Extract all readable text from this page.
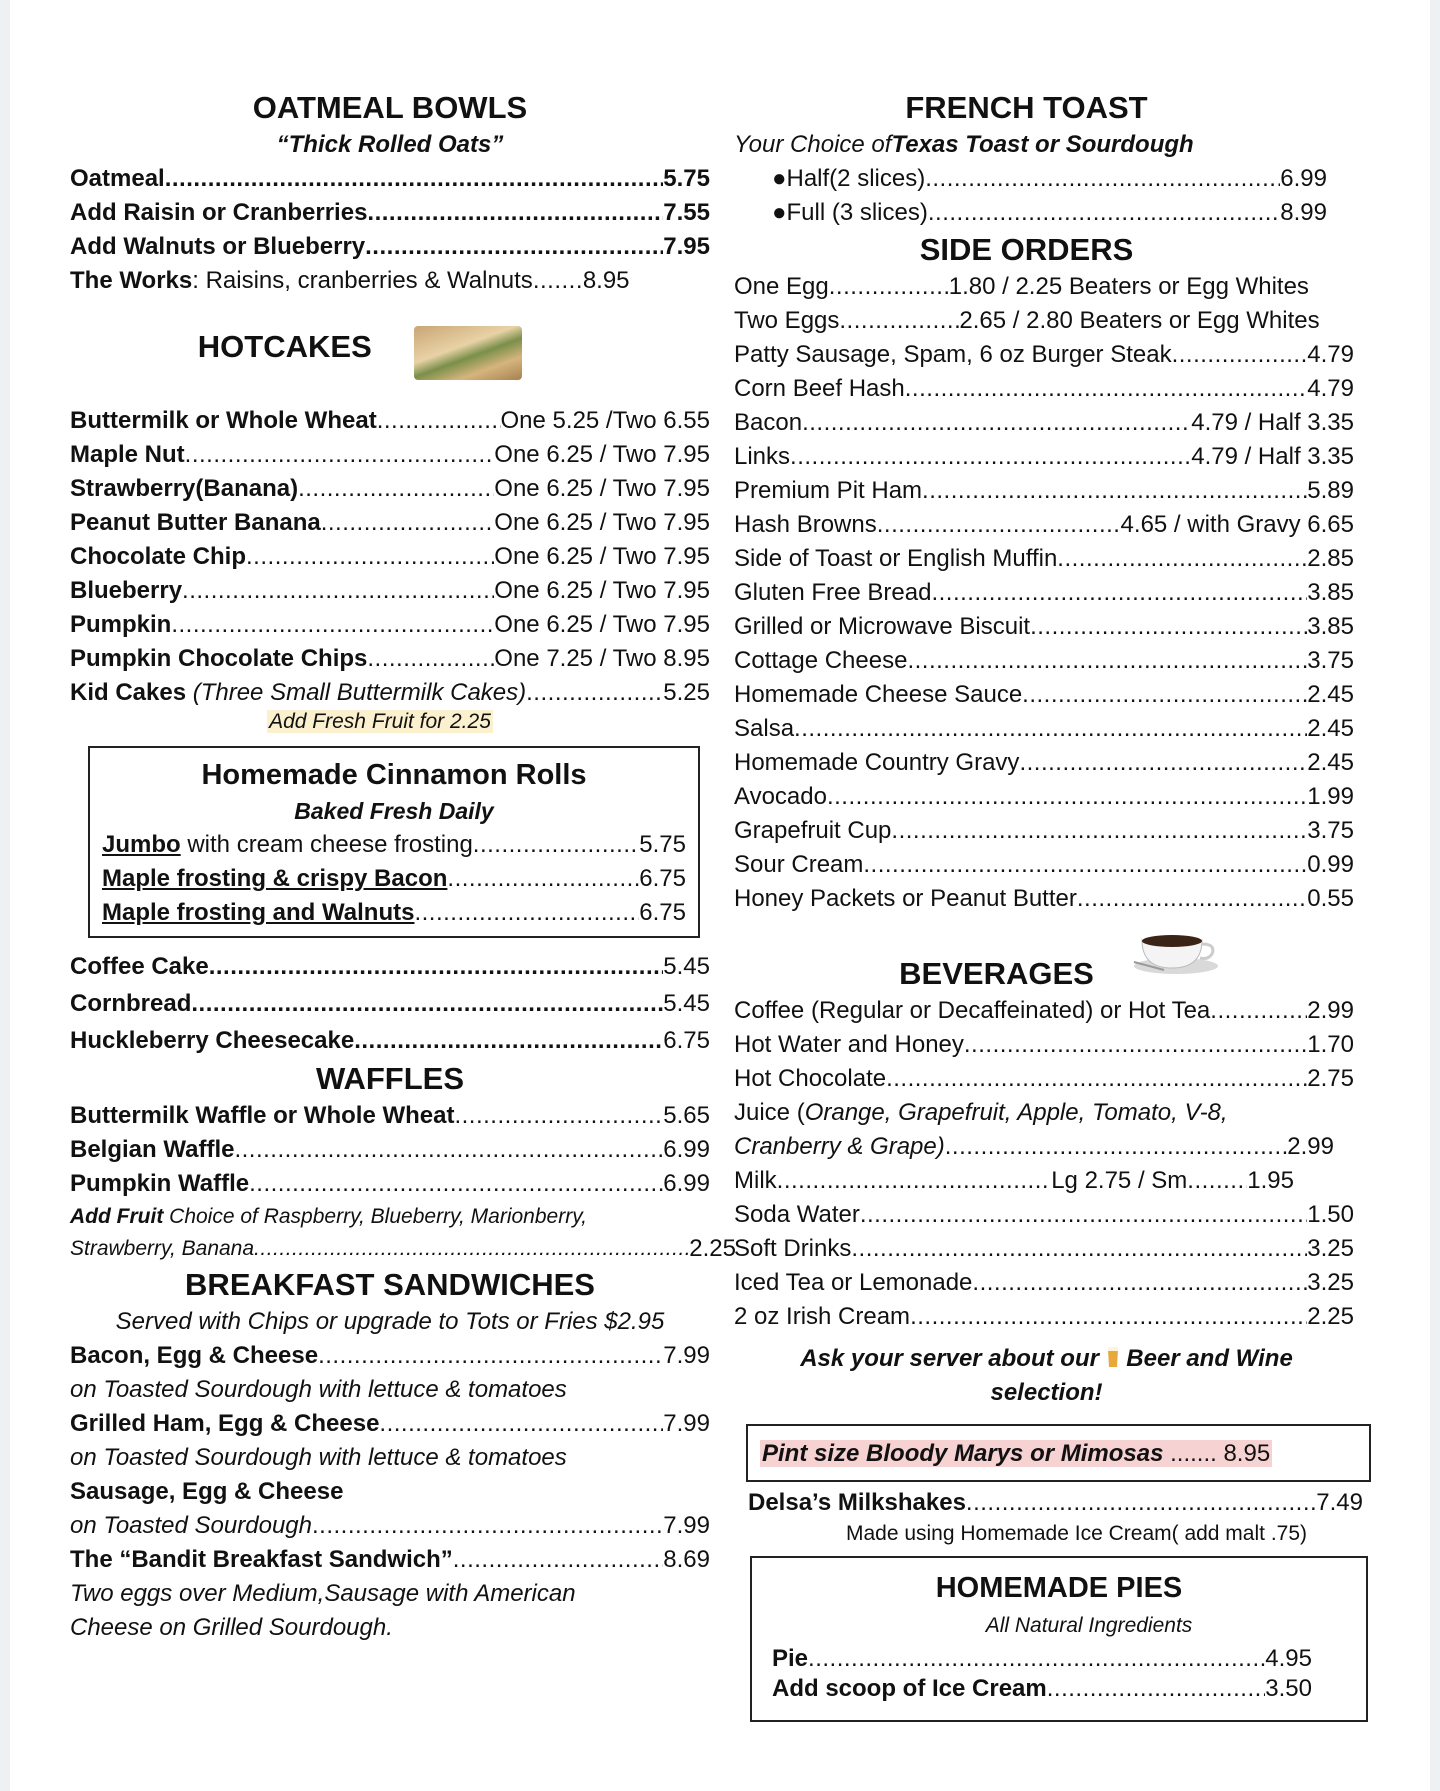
OATMEAL BOWLS
“Thick Rolled Oats”
Oatmeal .....	5.75
Add Raisin or Cranberries .....	7.55
Add Walnuts or Blueberry .....	7.95
The Works: Raisins, cranberries & Walnuts ..... 8.95
HOTCAKES
Buttermilk or Whole Wheat .....	One 5.25 /Two 6.55
Maple Nut .....	One 6.25 / Two 7.95
Strawberry(Banana) .....	One 6.25 / Two 7.95
Peanut Butter Banana .....	One 6.25 / Two 7.95
Chocolate Chip .....	One 6.25 / Two 7.95
Blueberry .....	One 6.25 / Two 7.95
Pumpkin .....	One 6.25 / Two 7.95
Pumpkin Chocolate Chips .....	One 7.25 / Two 8.95
Kid Cakes (Three Small Buttermilk Cakes) .....	5.25
Add Fresh Fruit for 2.25
Homemade Cinnamon Rolls
Baked Fresh Daily
Jumbo with cream cheese frosting .....	5.75
Maple frosting & crispy Bacon .....	6.75
Maple frosting and Walnuts .....	6.75
Coffee Cake .....	5.45
Cornbread .....	5.45
Huckleberry Cheesecake .....	6.75
WAFFLES
Buttermilk Waffle or Whole Wheat .....	5.65
Belgian Waffle .....	6.99
Pumpkin Waffle .....	6.99
Add Fruit Choice of Raspberry, Blueberry, Marionberry,
Strawberry, Banana .....	2.25
BREAKFAST SANDWICHES
Served with Chips or upgrade to Tots or Fries $2.95
Bacon, Egg & Cheese .....	7.99
on Toasted Sourdough with lettuce & tomatoes
Grilled Ham, Egg & Cheese .....	7.99
on Toasted Sourdough with lettuce & tomatoes
Sausage, Egg & Cheese
on Toasted Sourdough .....	7.99
The “Bandit Breakfast Sandwich” .....	8.69
Two eggs over Medium,Sausage with American
Cheese on Grilled Sourdough.
FRENCH TOAST
Your Choice of Texas Toast or Sourdough
● Half(2 slices) .....	6.99
● Full (3 slices) .....	8.99
SIDE ORDERS
One Egg .....	1.80 / 2.25 Beaters or Egg Whites
Two Eggs .....	2.65 / 2.80 Beaters or Egg Whites
Patty Sausage, Spam, 6 oz Burger Steak .....	4.79
Corn Beef Hash .....	4.79
Bacon .....	4.79 / Half 3.35
Links .....	4.79 / Half 3.35
Premium Pit Ham .....	5.89
Hash Browns .....	4.65 / with Gravy 6.65
Side of Toast or English Muffin .....	2.85
Gluten Free Bread .....	3.85
Grilled or Microwave Biscuit .....	3.85
Cottage Cheese .....	3.75
Homemade Cheese Sauce .....	2.45
Salsa .....	2.45
Homemade Country Gravy .....	2.45
Avocado .....	1.99
Grapefruit Cup .....	3.75
Sour Cream .....	0.99
Honey Packets or Peanut Butter .....	0.55
BEVERAGES
Coffee (Regular or Decaffeinated) or Hot Tea .....	2.99
Hot Water and Honey .....	1.70
Hot Chocolate .....	2.75
Juice ( Orange, Grapefruit, Apple, Tomato, V-8,
Cranberry & Grape) .....	2.99
Milk .....	Lg 2.75 / Sm .....	1.95
Soda Water .....	1.50
Soft Drinks .....	3.25
Iced Tea or Lemonade .....	3.25
2 oz Irish Cream .....	2.25
Ask your server about our  Beer and Wine
selection!
Pint size Bloody Marys or Mimosas ....... 8.95
Delsa’s Milkshakes .....	7.49
Made using Homemade Ice Cream( add malt .75)
HOMEMADE PIES
All Natural Ingredients
Pie .....	4.95
Add scoop of Ice Cream .....	3.50
